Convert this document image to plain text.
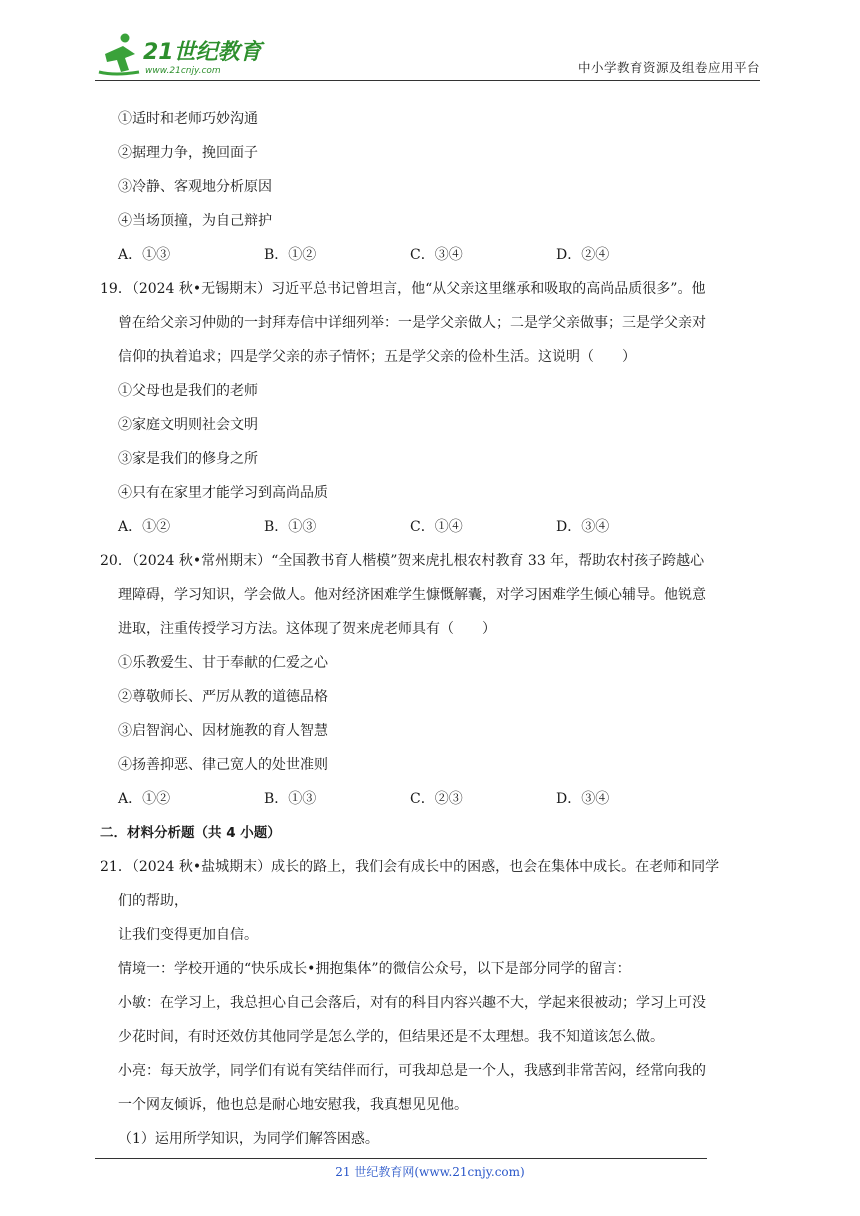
21世纪教育
www.21cnjy.com	中小学教育资源及组卷应用平台
①适时和老师巧妙沟通
②据理力争，挽回面子
③冷静、客观地分析原因
④当场顶撞，为自己辩护
A．①③	B．①②	C．③④	D．②④
19．（2024 秋•无锡期末）习近平总书记曾坦言，他“从父亲这里继承和吸取的高尚品质很多”。他
曾在给父亲习仲勋的一封拜寿信中详细列举：一是学父亲做人；二是学父亲做事；三是学父亲对
信仰的执着追求；四是学父亲的赤子情怀；五是学父亲的俭朴生活。这说明（　　）
①父母也是我们的老师
②家庭文明则社会文明
③家是我们的修身之所
④只有在家里才能学习到高尚品质
A．①②	B．①③	C．①④	D．③④
20．（2024 秋•常州期末）“全国教书育人楷模”贺来虎扎根农村教育 33 年，帮助农村孩子跨越心
理障碍，学习知识，学会做人。他对经济困难学生慷慨解囊，对学习困难学生倾心辅导。他锐意
进取，注重传授学习方法。这体现了贺来虎老师具有（　　）
①乐教爱生、甘于奉献的仁爱之心
②尊敬师长、严厉从教的道德品格
③启智润心、因材施教的育人智慧
④扬善抑恶、律己宽人的处世准则
A．①②	B．①③	C．②③	D．③④
二．材料分析题（共 4 小题）
21．（2024 秋•盐城期末）成长的路上，我们会有成长中的困惑，也会在集体中成长。在老师和同学
们的帮助，
让我们变得更加自信。
情境一：学校开通的“快乐成长•拥抱集体”的微信公众号，以下是部分同学的留言：
小敏：在学习上，我总担心自己会落后，对有的科目内容兴趣不大，学起来很被动；学习上可没
少花时间，有时还效仿其他同学是怎么学的，但结果还是不太理想。我不知道该怎么做。
小亮：每天放学，同学们有说有笑结伴而行，可我却总是一个人，我感到非常苦闷，经常向我的
一个网友倾诉，他也总是耐心地安慰我，我真想见见他。
（1）运用所学知识，为同学们解答困惑。
21 世纪教育网(www.21cnjy.com)
